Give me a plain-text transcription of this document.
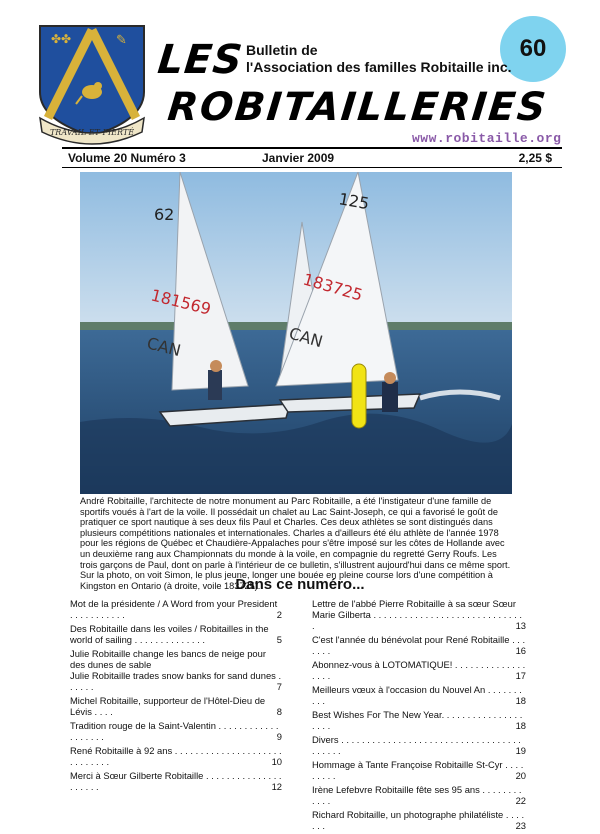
✤✤	✎
TRAVAIL ET FIERTÉ
60
LES Bulletin de
l'Association des familles Robitaille inc.
ROBITAILLERIES
www.robitaille.org
Volume 20 Numéro 3	Janvier 2009	2,25 $
62
181569
CAN
125
183725
CAN
André Robitaille, l'architecte de notre monument au Parc Robitaille, a été l'instigateur d'une famille de sportifs voués à l'art de la voile. Il possédait un chalet au Lac Saint-Joseph, ce qui a favorisé le goût de pratiquer ce sport nautique à ses deux fils Paul et Charles. Ces deux athlètes se sont distingués dans plusieurs compétitions nationales et internationales. Charles a d'ailleurs été élu athlète de l'année 1978 pour les régions de Québec et Chaudière-Appalaches pour s'être imposé sur les côtes de Hollande avec un deuxième rang aux Championnats du monde à la voile, en compagnie du regretté Gerry Roufs. Les trois garçons de Paul, dont on parle à l'intérieur de ce bulletin, s'illustrent aujourd'hui dans ce même sport. Sur la photo, on voit Simon, le plus jeune, longer une bouée en pleine course lors d'une compétition à Kingston en Ontario (à droite, voile 183725).
Dans ce numéro...
Mot de la présidente / A Word from your President . . . . . . . . . . .	2
Des Robitaille dans les voiles / Robitailles in the world of sailing . . . . . . . . . . . . . .	5
Julie Robitaille change les bancs de neige pour des dunes de sable
Julie Robitaille trades snow banks for sand dunes . . . . . .	7
Michel Robitaille, supporteur de l'Hôtel-Dieu de Lévis . . . .	8
Tradition rouge de la Saint-Valentin . . . . . . . . . . . . . . . . . . .	9
René Robitaille à 92 ans . . . . . . . . . . . . . . . . . . . . . . . . . . . . .	10
Merci à Sœur Gilberte Robitaille . . . . . . . . . . . . . . . . . . . . .	12
Lettre de l'abbé Pierre Robitaille à sa sœur Sœur Marie Gilberta . . . . . . . . . . . . . . . . . . . . . . . . . . . . . .	13
C'est l'année du bénévolat pour René Robitaille . . . . . . .	16
Abonnez-vous à LOTOMATIQUE! . . . . . . . . . . . . . . . . . .	17
Meilleurs vœux à l'occasion du Nouvel An . . . . . . . . . .	18
Best Wishes For The New Year. . . . . . . . . . . . . . . . . . . .	18
Divers . . . . . . . . . . . . . . . . . . . . . . . . . . . . . . . . . . . . . . . . .	19
Hommage à Tante Françoise Robitaille St-Cyr . . . . . . . . .	20
Irène Lefebvre Robitaille fête ses 95 ans . . . . . . . . . . . .	22
Richard Robitaille, un photographe philatéliste . . . . . . .	23
